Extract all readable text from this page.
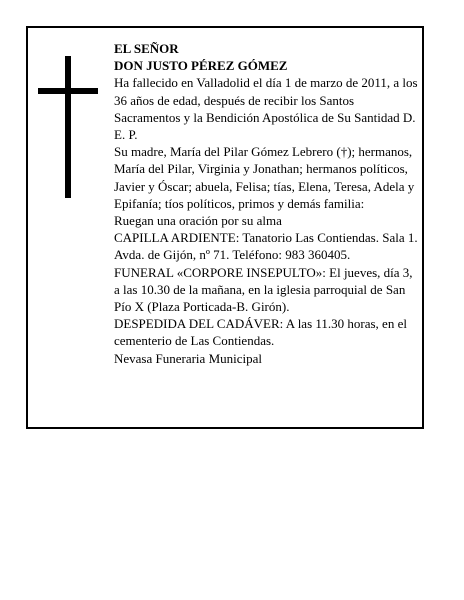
EL SEÑOR

DON JUSTO PÉREZ GÓMEZ

Ha fallecido en Valladolid el día 1 de marzo de 2011, a los 36 años de edad, después de recibir los Santos Sacramentos y la Bendición Apostólica de Su Santidad D. E. P.

Su madre, María del Pilar Gómez Lebrero (†); hermanos, María del Pilar, Virginia y Jonathan; hermanos políticos, Javier y Óscar; abuela, Felisa; tías, Elena, Teresa, Adela y Epifanía; tíos políticos, primos y demás familia:

Ruegan una oración por su alma

CAPILLA ARDIENTE: Tanatorio Las Contiendas. Sala 1. Avda. de Gijón, nº 71. Teléfono: 983 360405.

FUNERAL «CORPORE INSEPULTO»: El jueves, día 3, a las 10.30 de la mañana, en la iglesia parroquial de San Pío X (Plaza Porticada-B. Girón).

DESPEDIDA DEL CADÁVER: A las 11.30 horas, en el cementerio de Las Contiendas.

Nevasa Funeraria Municipal
